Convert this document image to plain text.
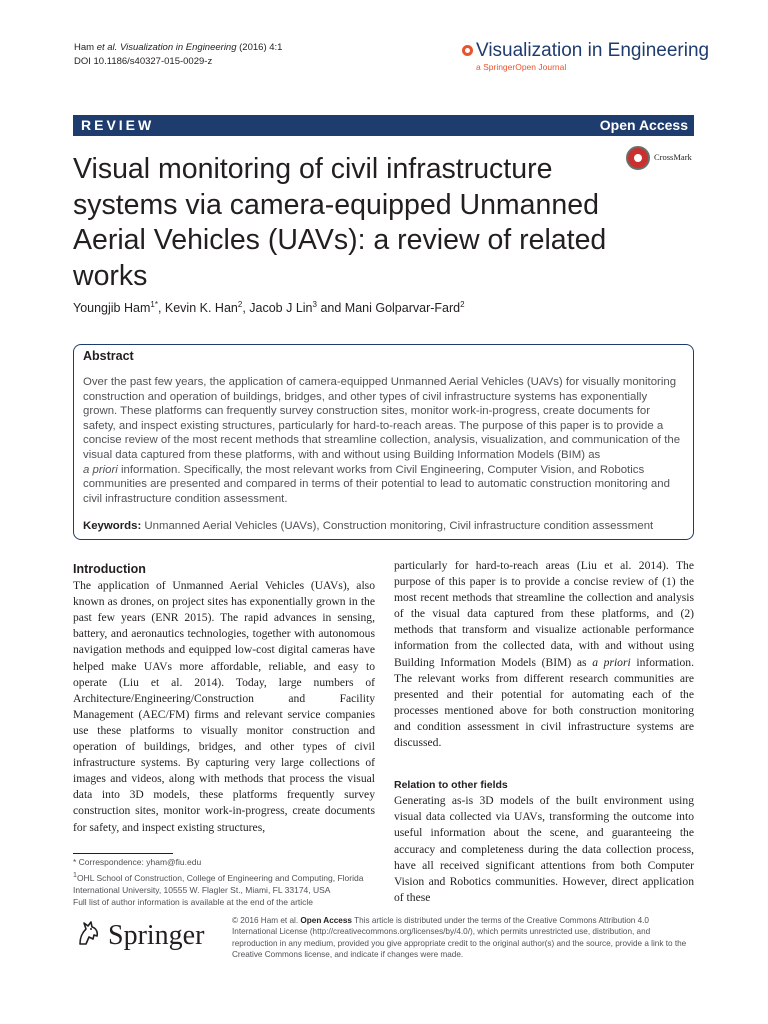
Ham et al. Visualization in Engineering (2016) 4:1
DOI 10.1186/s40327-015-0029-z
Visualization in Engineering
a SpringerOpen Journal
REVIEW	Open Access
CrossMark
Visual monitoring of civil infrastructure systems via camera-equipped Unmanned Aerial Vehicles (UAVs): a review of related works
Youngjib Ham$^{1*}$, Kevin K. Han$^2$, Jacob J Lin$^3$ and Mani Golparvar-Fard$^2$
Abstract
Over the past few years, the application of camera-equipped Unmanned Aerial Vehicles (UAVs) for visually monitoring construction and operation of buildings, bridges, and other types of civil infrastructure systems has exponentially grown. These platforms can frequently survey construction sites, monitor work-in-progress, create documents for safety, and inspect existing structures, particularly for hard-to-reach areas. The purpose of this paper is to provide a concise review of the most recent methods that streamline collection, analysis, visualization, and communication of the visual data captured from these platforms, with and without using Building Information Models (BIM) as
a priori information. Specifically, the most relevant works from Civil Engineering, Computer Vision, and Robotics communities are presented and compared in terms of their potential to lead to automatic construction monitoring and civil infrastructure condition assessment.
Keywords: Unmanned Aerial Vehicles (UAVs), Construction monitoring, Civil infrastructure condition assessment
Introduction

The application of Unmanned Aerial Vehicles (UAVs), also known as drones, on project sites has exponentially grown in the past few years (ENR 2015). The rapid advances in sensing, battery, and aeronautics technologies, together with autonomous navigation methods and equipped low-cost digital cameras have helped make UAVs more affordable, reliable, and easy to operate (Liu et al. 2014). Today, large numbers of Architecture/Engineering/Construction and Facility Management (AEC/FM) firms and relevant service companies use these platforms to visually monitor construction and operation of buildings, bridges, and other types of civil infrastructure systems. By capturing very large collections of images and videos, along with methods that process the visual data into 3D models, these platforms frequently survey construction sites, monitor work-in-progress, create documents for safety, and inspect existing structures,

particularly for hard-to-reach areas (Liu et al. 2014). The purpose of this paper is to provide a concise review of (1) the most recent methods that streamline the collection and analysis of the visual data captured from these platforms, and (2) methods that transform and visualize actionable performance information from the collected data, with and without using Building Information Models (BIM) as a priori information. The relevant works from different research communities are presented and their potential for automating each of the processes mentioned above for both construction monitoring and condition assessment in civil infrastructure systems are discussed.

Relation to other fields

Generating as-is 3D models of the built environment using visual data collected via UAVs, transforming the outcome into useful information about the scene, and guaranteeing the accuracy and completeness during the data collection process, have all received significant attentions from both Computer Vision and Robotics communities. However, direct application of these

* Correspondence: yham@fiu.edu
$^1$OHL School of Construction, College of Engineering and Computing, Florida International University, 10555 W. Flagler St., Miami, FL 33174, USA
Full list of author information is available at the end of the article
Springer	© 2016 Ham et al. Open Access This article is distributed under the terms of the Creative Commons Attribution 4.0 International License (http://creativecommons.org/licenses/by/4.0/), which permits unrestricted use, distribution, and reproduction in any medium, provided you give appropriate credit to the original author(s) and the source, provide a link to the Creative Commons license, and indicate if changes were made.
